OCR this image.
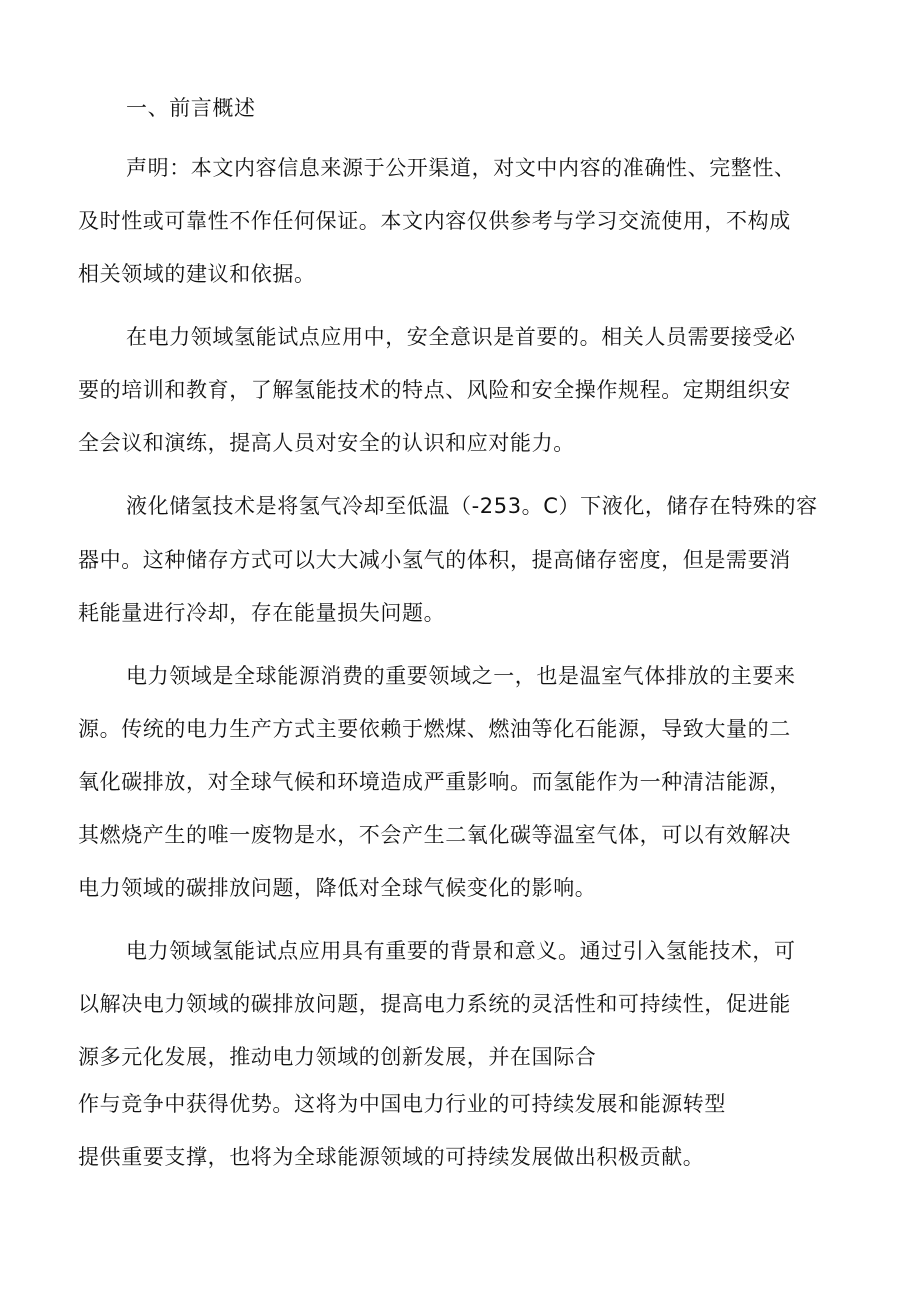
一、前言概述
声明：本文内容信息来源于公开渠道，对文中内容的准确性、完整性、
及时性或可靠性不作任何保证。本文内容仅供参考与学习交流使用，不构成
相关领域的建议和依据。
在电力领域氢能试点应用中，安全意识是首要的。相关人员需要接受必
要的培训和教育，了解氢能技术的特点、风险和安全操作规程。定期组织安
全会议和演练，提高人员对安全的认识和应对能力。
液化储氢技术是将氢气冷却至低温（-253。C）下液化，储存在特殊的容
器中。这种储存方式可以大大减小氢气的体积，提高储存密度，但是需要消
耗能量进行冷却，存在能量损失问题。
电力领域是全球能源消费的重要领域之一，也是温室气体排放的主要来
源。传统的电力生产方式主要依赖于燃煤、燃油等化石能源，导致大量的二
氧化碳排放，对全球气候和环境造成严重影响。而氢能作为一种清洁能源，
其燃烧产生的唯一废物是水，不会产生二氧化碳等温室气体，可以有效解决
电力领域的碳排放问题，降低对全球气候变化的影响。
电力领域氢能试点应用具有重要的背景和意义。通过引入氢能技术，可
以解决电力领域的碳排放问题，提高电力系统的灵活性和可持续性，促进能
源多元化发展，推动电力领域的创新发展，并在国际合
作与竞争中获得优势。这将为中国电力行业的可持续发展和能源转型
提供重要支撑，也将为全球能源领域的可持续发展做出积极贡献。
